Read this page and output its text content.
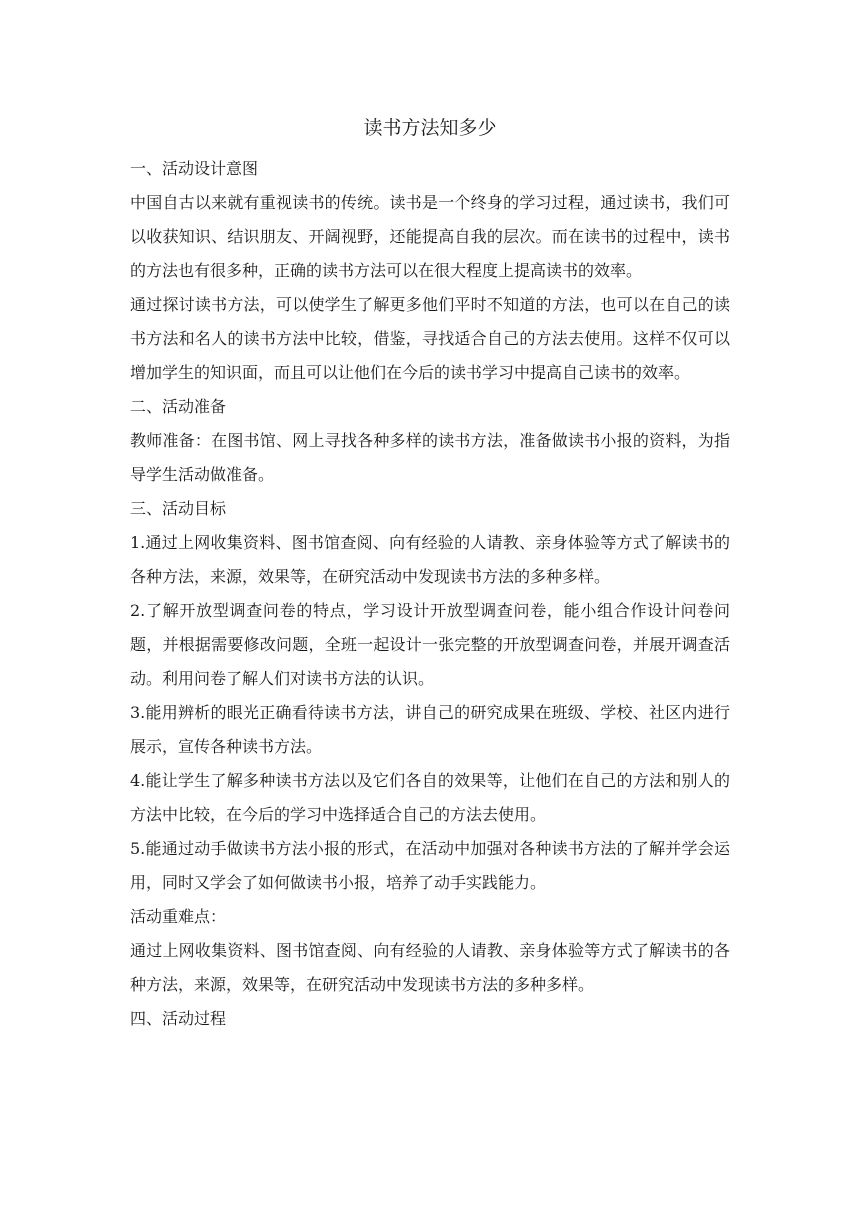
读书方法知多少

一、活动设计意图

中国自古以来就有重视读书的传统。读书是一个终身的学习过程，通过读书，我们可以收获知识、结识朋友、开阔视野，还能提高自我的层次。而在读书的过程中，读书的方法也有很多种，正确的读书方法可以在很大程度上提高读书的效率。

通过探讨读书方法，可以使学生了解更多他们平时不知道的方法，也可以在自己的读书方法和名人的读书方法中比较，借鉴，寻找适合自己的方法去使用。这样不仅可以增加学生的知识面，而且可以让他们在今后的读书学习中提高自己读书的效率。

二、活动准备

教师准备：在图书馆、网上寻找各种多样的读书方法，准备做读书小报的资料，为指导学生活动做准备。

三、活动目标

1.通过上网收集资料、图书馆查阅、向有经验的人请教、亲身体验等方式了解读书的各种方法，来源，效果等，在研究活动中发现读书方法的多种多样。

2.了解开放型调查问卷的特点，学习设计开放型调查问卷，能小组合作设计问卷问题，并根据需要修改问题，全班一起设计一张完整的开放型调查问卷，并展开调查活动。利用问卷了解人们对读书方法的认识。

3.能用辨析的眼光正确看待读书方法，讲自己的研究成果在班级、学校、社区内进行展示，宣传各种读书方法。

4.能让学生了解多种读书方法以及它们各自的效果等，让他们在自己的方法和别人的方法中比较，在今后的学习中选择适合自己的方法去使用。

5.能通过动手做读书方法小报的形式，在活动中加强对各种读书方法的了解并学会运用，同时又学会了如何做读书小报，培养了动手实践能力。

活动重难点：

通过上网收集资料、图书馆查阅、向有经验的人请教、亲身体验等方式了解读书的各种方法，来源，效果等，在研究活动中发现读书方法的多种多样。

四、活动过程
